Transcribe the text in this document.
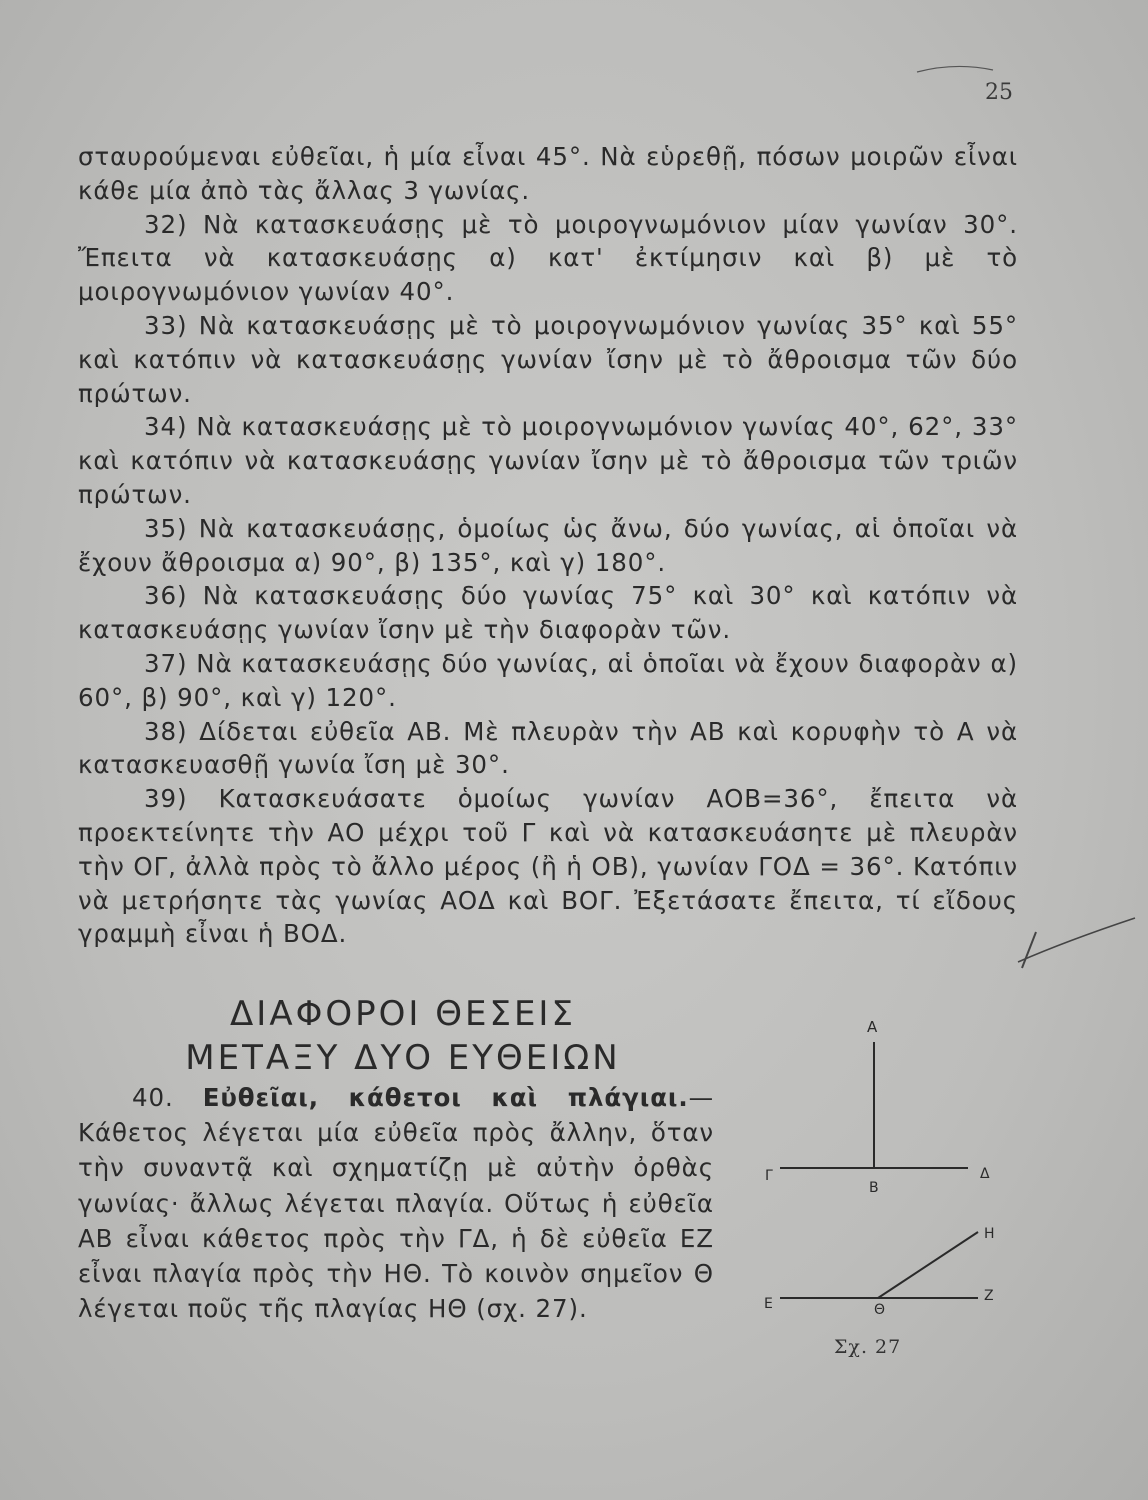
25

σταυρούμεναι εὐθεῖαι, ἡ μία εἶναι 45°. Νὰ εὑρεθῇ, πόσων μοιρῶν εἶναι κάθε μία ἀπὸ τὰς ἄλλας 3 γωνίας.

32) Νὰ κατασκευάσῃς μὲ τὸ μοιρογνωμόνιον μίαν γωνίαν 30°. Ἔπειτα νὰ κατασκευάσῃς α) κατ' ἐκτίμησιν καὶ β) μὲ τὸ μοιρογνωμόνιον γωνίαν 40°.

33) Νὰ κατασκευάσῃς μὲ τὸ μοιρογνωμόνιον γωνίας 35° καὶ 55° καὶ κατόπιν νὰ κατασκευάσῃς γωνίαν ἴσην μὲ τὸ ἄθροισμα τῶν δύο πρώτων.

34) Νὰ κατασκευάσῃς μὲ τὸ μοιρογνωμόνιον γωνίας 40°, 62°, 33° καὶ κατόπιν νὰ κατασκευάσῃς γωνίαν ἴσην μὲ τὸ ἄθροισμα τῶν τριῶν πρώτων.

35) Νὰ κατασκευάσῃς, ὁμοίως ὡς ἄνω, δύο γωνίας, αἱ ὁποῖαι νὰ ἔχουν ἄθροισμα α) 90°, β) 135°, καὶ γ) 180°.

36) Νὰ κατασκευάσῃς δύο γωνίας 75° καὶ 30° καὶ κατόπιν νὰ κατασκευάσῃς γωνίαν ἴσην μὲ τὴν διαφορὰν τῶν.

37) Νὰ κατασκευάσῃς δύο γωνίας, αἱ ὁποῖαι νὰ ἔχουν διαφορὰν α) 60°, β) 90°, καὶ γ) 120°.

38) Δίδεται εὐθεῖα ΑΒ. Μὲ πλευρὰν τὴν ΑΒ καὶ κορυφὴν τὸ Α νὰ κατασκευασθῇ γωνία ἴση μὲ 30°.

39) Κατασκευάσατε ὁμοίως γωνίαν ΑΟΒ=36°, ἔπειτα νὰ προεκτείνητε τὴν ΑΟ μέχρι τοῦ Γ καὶ νὰ κατασκευάσητε μὲ πλευρὰν τὴν ΟΓ, ἀλλὰ πρὸς τὸ ἄλλο μέρος (ἢ ἡ ΟΒ), γωνίαν ΓΟΔ = 36°. Κατόπιν νὰ μετρήσητε τὰς γωνίας ΑΟΔ καὶ ΒΟΓ. Ἐξετάσατε ἔπειτα, τί εἴδους γραμμὴ εἶναι ἡ ΒΟΔ.

ΔΙΑΦΟΡΟΙ ΘΕΣΕΙΣ
ΜΕΤΑΞΥ ΔΥΟ ΕΥΘΕΙΩΝ

40. Εὐθεῖαι, κάθετοι καὶ πλάγιαι.— Κάθετος λέγεται μία εὐθεῖα πρὸς ἄλλην, ὅταν τὴν συναντᾷ καὶ σχηματίζῃ μὲ αὐτὴν ὀρθὰς γωνίας· ἄλλως λέγεται πλαγία. Οὕτως ἡ εὐθεῖα ΑΒ εἶναι κάθετος πρὸς τὴν ΓΔ, ἡ δὲ εὐθεῖα ΕΖ εἶναι πλαγία πρὸς τὴν ΗΘ. Τὸ κοινὸν σημεῖον Θ λέγεται ποῦς τῆς πλαγίας ΗΘ (σχ. 27).

A
B
Γ	Δ
E	Θ
Z
H
Σχ. 27
